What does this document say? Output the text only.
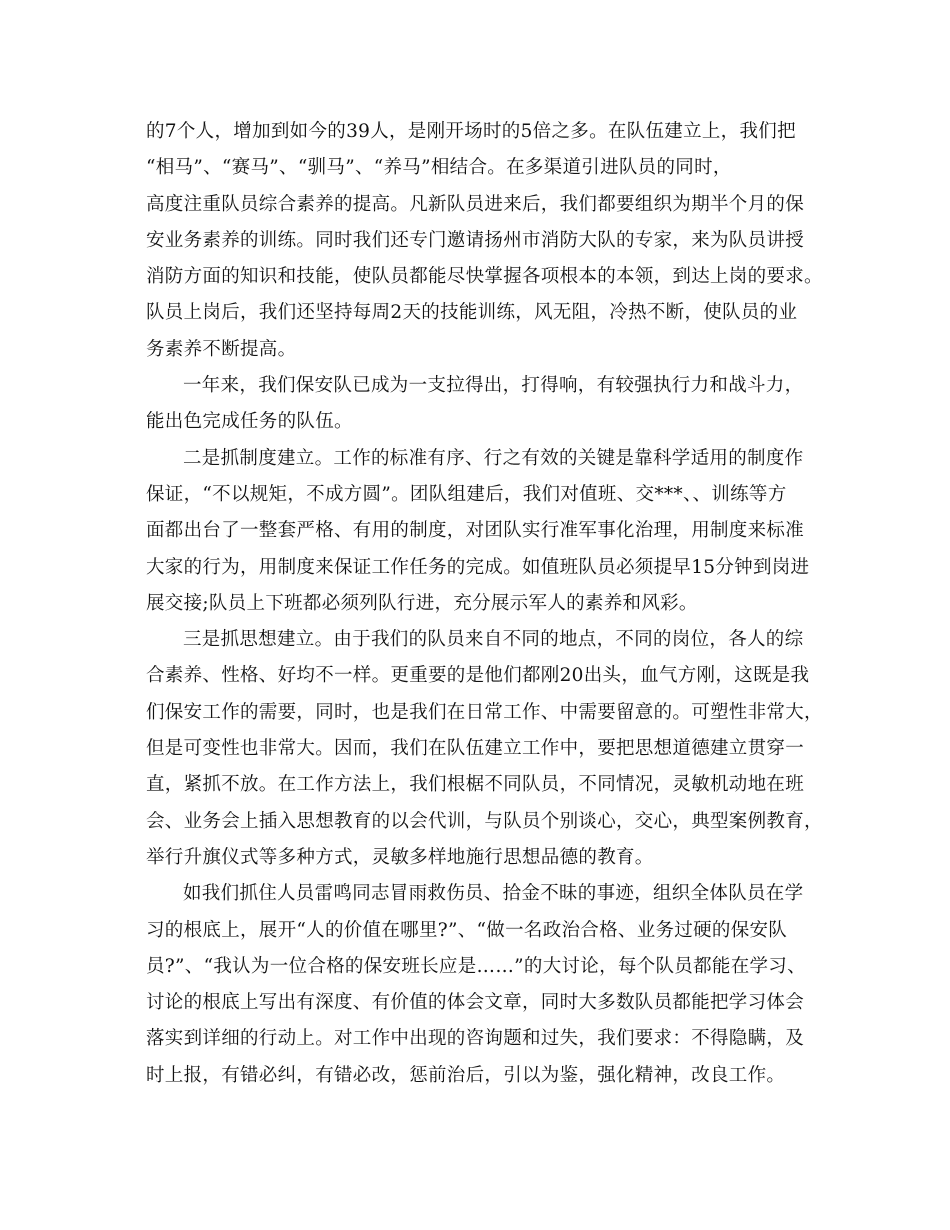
的7个人，增加到如今的39人，是刚开场时的5倍之多。在队伍建立上，我们把
“相马”、“赛马”、“驯马”、“养马”相结合。在多渠道引进队员的同时，
高度注重队员综合素养的提高。凡新队员进来后，我们都要组织为期半个月的保
安业务素养的训练。同时我们还专门邀请扬州市消防大队的专家，来为队员讲授
消防方面的知识和技能，使队员都能尽快掌握各项根本的本领，到达上岗的要求。
队员上岗后，我们还坚持每周2天的技能训练，风无阻，冷热不断，使队员的业
务素养不断提高。
一年来，我们保安队已成为一支拉得出，打得响，有较强执行力和战斗力，
能出色完成任务的队伍。
二是抓制度建立。工作的标准有序、行之有效的关键是靠科学适用的制度作
保证，“不以规矩，不成方圆”。团队组建后，我们对值班、交***、、训练等方
面都出台了一整套严格、有用的制度，对团队实行准军事化治理，用制度来标准
大家的行为，用制度来保证工作任务的完成。如值班队员必须提早15分钟到岗进
展交接;队员上下班都必须列队行进，充分展示军人的素养和风彩。
三是抓思想建立。由于我们的队员来自不同的地点，不同的岗位，各人的综
合素养、性格、好均不一样。更重要的是他们都刚20出头，血气方刚，这既是我
们保安工作的需要，同时，也是我们在日常工作、中需要留意的。可塑性非常大，
但是可变性也非常大。因而，我们在队伍建立工作中，要把思想道德建立贯穿一
直，紧抓不放。在工作方法上，我们根椐不同队员，不同情况，灵敏机动地在班
会、业务会上插入思想教育的以会代训，与队员个别谈心，交心，典型案例教育，
举行升旗仪式等多种方式，灵敏多样地施行思想品德的教育。
如我们抓住人员雷鸣同志冒雨救伤员、拾金不昧的事迹，组织全体队员在学
习的根底上，展开“人的价值在哪里?”、“做一名政治合格、业务过硬的保安队
员?”、“我认为一位合格的保安班长应是……”的大讨论，每个队员都能在学习、
讨论的根底上写出有深度、有价值的体会文章，同时大多数队员都能把学习体会
落实到详细的行动上。对工作中出现的咨询题和过失，我们要求：不得隐瞒，及
时上报，有错必纠，有错必改，惩前治后，引以为鉴，强化精神，改良工作。
